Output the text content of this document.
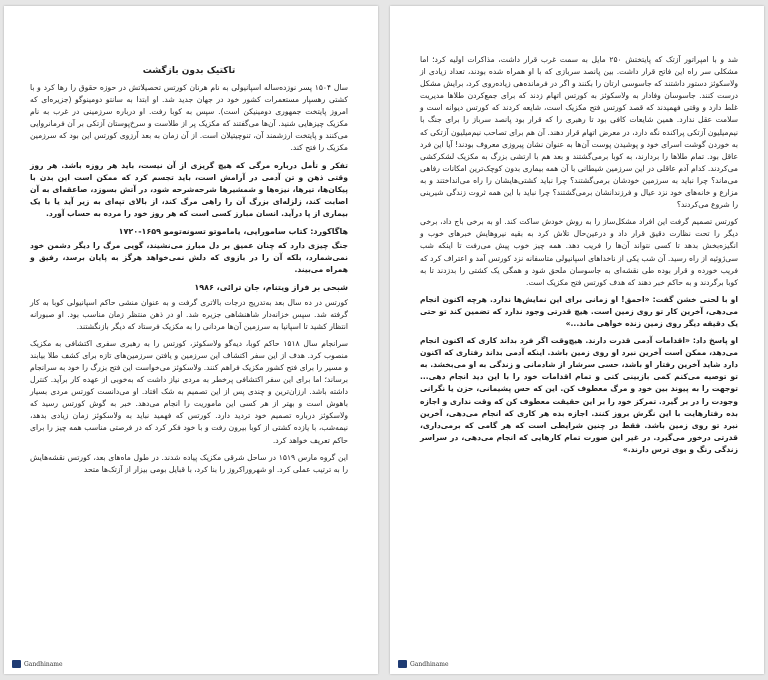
تاکتیک بدون بازگشت

سال ۱۵۰۴ پسر نوزده‌ساله اسپانیولی به نام هرنان کورتس تحصیلاتش در حوزه حقوق را رها کرد و با کشتی رهسپار مستعمرات کشور خود در جهان جدید شد. او ابتدا به سانتو دومینوگو (جزیره‌ای که امروز پایتخت جمهوری دومینیکن است). سپس به کوبا رفت. او درباره سرزمینی در غرب به نام مکزیک چیزهایی شنید. آن‌ها می‌گفتند که مکزیک پر از طلاست و سرخ‌پوستان آزتکی بر آن فرمانروایی می‌کنند و پایتخت ارزشمند آن، تنوچیتیلان است. از آن زمان به بعد آرزوی کورتس این بود که سرزمین مکزیک را فتح کند.

تفکر و تأمل درباره مرگی که هیچ گریزی از آن نیست، باید هر روزه باشد. هر روز وقتی ذهن و تن آدمی در آرامش است، باید تجسم کرد که ممکن است این بدن با پیکان‌ها، تیرها، نیزه‌ها و شمشیرها شرحه‌شرحه شود، در آتش بسوزد، صاعقه‌ای به آن اصابت کند، زلزله‌ای بزرگ آن را راهی مرگ کند، از بالای تپه‌ای به زیر آید یا با یک بیماری از پا درآید. انسان مبارز کسی است که هر روز خود را مرده به حساب آورد.

هاگاکورد: کتاب سامورایی، یاماموتو تسونه‌تومو ۱۶۵۹-۱۷۲۰

جنگ چیزی دارد که چنان عمیق بر دل مبارز می‌نشیند، گویی مرگ را دیگر دشمن خود نمی‌شمارد، بلکه آن را در بازوی که دلش نمی‌خواهد هرگز به پایان برسد، رفیق و همراه می‌بیند.

شبحی بر فراز ویتنام، جان ترائی، ۱۹۸۶

کورتس در ده سال بعد به‌تدریج درجات بالاتری گرفت و به عنوان منشی حاکم اسپانیولی کوبا به کار گرفته شد. سپس خزانه‌دار شاهنشاهی جزیره شد. او در ذهن منتظر زمان مناسب بود. او صبورانه انتظار کشید تا اسپانیا به سرزمین آن‌ها مردانی را به مکزیک فرستاد که دیگر بازنگشتند.

سرانجام سال ۱۵۱۸ حاکم کوبا، دیه‌گو ولاسکوئز، کورتس را به رهبری سفری اکتشافی به مکزیک منصوب کرد. هدف از این سفر اکتشاف این سرزمین و یافتن سرزمین‌های تازه برای کشف طلا بیابند و مسیر را برای فتح کشور مکزیک فراهم کنند. ولاسکوئز می‌خواست این فتح بزرگ را خود به سرانجام برساند؛ اما برای این سفر اکتشافی پرخطر به مردی نیاز داشت که به‌خوبی از عهده کار برآید. کنترل داشته باشد. ارزان‌ترین و چندی پس از این تصمیم به شک افتاد. او می‌دانست کورتس مردی بسیار باهوش است و بهتر از هر کسی این ماموریت را انجام می‌دهد. خبر به گوش کورتس رسید که ولاسکوئز درباره تصمیم خود تردید دارد. کورتس که فهمید نباید به ولاسکوئز زمان زیادی بدهد، نیمه‌شب، با یازده کشتی از کوبا بیرون رفت و با خود فکر کرد که در فرصتی مناسب همه چیز را برای حاکم تعریف خواهد کرد.

این گروه مارس ۱۵۱۹ در ساحل شرقی مکزیک پیاده شدند. در طول ماه‌های بعد، کورتس نقشه‌هایش را به ترتیب عملی کرد. او شهروراکروز را بنا کرد، با قبایل بومی بیزار از آزتک‌ها متحد

Gandhiname

شد و با امپراتور آزتک که پایتختش ۲۵۰ مایل به سمت غرب قرار داشت، مذاکرات اولیه کرد؛ اما مشکلی سر راه این فاتح قرار داشت. بین پانصد سربازی که با او همراه شده بودند، تعداد زیادی از ولاسکوئز دستور داشتند که جاسوسی ارتان را بکنند و اگر در فرمانده‌هی زیاده‌روی کرد، برایش مشکل درست کنند. جاسوسان وفادار به ولاسکوئز به کورتس اتهام زدند که برای جمع‌کردن طلاها مدیریت غلط دارد و وقتی فهمیدند که قصد کورتس فتح مکزیک است، شایعه کردند که کورتس دیوانه است و سلامت عقل ندارد. همین شایعات کافی بود تا رهبری را که قرار بود پانصد سرباز را برای جنگ با نیم‌میلیون آزتکی پراکنده نگه دارد، در معرض اتهام قرار دهند. آن هم برای تصاحب نیم‌میلیون آزتکی که به خوردن گوشت اسرای خود و پوشیدن پوست آن‌ها به عنوان نشان پیروزی معروف بودند! آیا این فرد عاقل بود. تمام طلاها را بردارند، به کوبا برمی‌گشتند و بعد هم با ارتشی بزرگ به مکزیک لشکرکشی می‌کردند. کدام آدم عاقلی در این سرزمین شیطانی با آن همه بیماری بدون کوچک‌ترین امکانات رفاهی می‌ماند؟ چرا نباید به سرزمین خودشان برمی‌گشتند؟ چرا نباید کشتی‌هایشان را راه می‌انداختند و به مزارع و خانه‌های خود نزد عیال و فرزندانشان برمی‌گشتند؟ چرا نباید با این همه ثروت زندگی شیرینی را شروع می‌کردند؟

کورتس تصمیم گرفت این افراد مشکل‌ساز را به روش خودش ساکت کند. او به برخی باج داد، برخی دیگر را تحت نظارت دقیق قرار داد و درعین‌حال تلاش کرد به بقیه نیروهایش خبرهای خوب و انگیزه‌بخش بدهد تا کسی نتواند آن‌ها را فریب دهد. همه چیز خوب پیش می‌رفت تا اینکه شب سی‌ژوئیه از راه رسید. آن شب یکی از ناخداهای اسپانیولی متاسفانه نزد کورتس آمد و اعتراف کرد که فریب خورده و قرار بوده طی نقشه‌ای به جاسوسان ملحق شود و همگی یک کشتی را بدزدند تا به کوبا برگردند و به حاکم خبر دهند که هدف کورتس فتح مکزیک است.

او با لحنی خشن گفت: «احمق! او زمانی برای این نمایش‌ها ندارد. هرچه اکنون انجام می‌دهی، آخرین کار تو روی زمین است. هیچ قدرتی وجود ندارد که تضمین کند تو حتی یک دقیقه دیگر روی زمین زنده خواهی ماند...»

او پاسخ داد: «اقدامات آدمی قدرت دارند. هیچ‌وقت اگر فرد بداند کاری که اکنون انجام می‌دهد، ممکن است آخرین نبرد او روی زمین باشد. اینکه آدمی بداند رفتاری که اکنون دارد شاید آخرین رفتار او باشد، حسی سرشار از شادمانی و زندگی به او می‌بخشد. به تو توصیه می‌کنم کمی بازبینی کنی و تمام اقدامات خود را با این دید انجام دهی... توجهت را به پیوند بین خود و مرگ معطوف کن. این که حس پشیمانی، حزن یا نگرانی وجودت را در بر گیرد. تمرکز خود را بر این حقیقت معطوف کن که وقت نداری و اجازه بده رفتارهایت با این نگرش بروز کنند. اجازه بده هر کاری که انجام می‌دهی، آخرین نبرد تو روی زمین باشد. فقط در چنین شرایطی است که هر گامی که برمی‌داری، قدرتی درخور می‌گیرد. در غیر این صورت تمام کارهایی که انجام می‌دهی، در سراسر زندگی رنگ و بوی ترس دارند.»

Gandhiname
